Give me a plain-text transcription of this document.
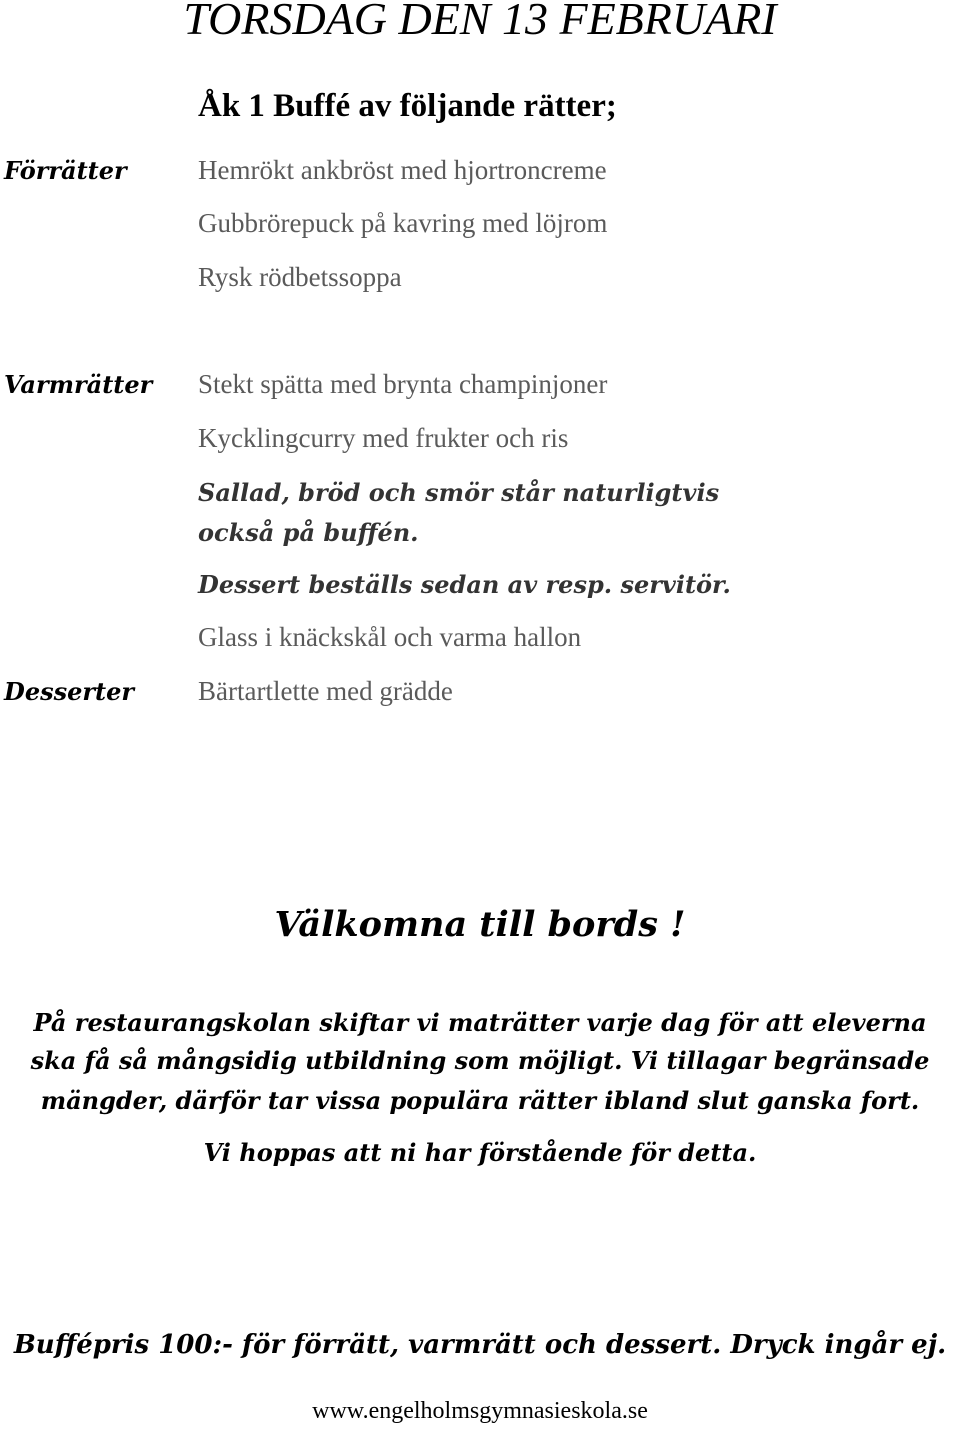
TORSDAG DEN 13 FEBRUARI
Åk 1 Buffé av följande rätter;
Förrätter	Hemrökt ankbröst med hjortroncreme
Gubbrörepuck på kavring med löjrom
Rysk rödbetssoppa
Varmrätter Stekt spätta med brynta champinjoner
Kycklingcurry med frukter och ris
Sallad, bröd och smör står naturligtvis
också på buffén.
Dessert beställs sedan av resp. servitör.
Glass i knäckskål och varma hallon
Desserter Bärtartlette med grädde
Välkomna till bords !
På restaurangskolan skiftar vi maträtter varje dag för att eleverna
ska få så mångsidig utbildning som möjligt. Vi tillagar begränsade
mängder, därför tar vissa populära rätter ibland slut ganska fort.
Vi hoppas att ni har förstående för detta.
Buffépris 100:- för förrätt, varmrätt och dessert. Dryck ingår ej.
www.engelholmsgymnasieskola.se
